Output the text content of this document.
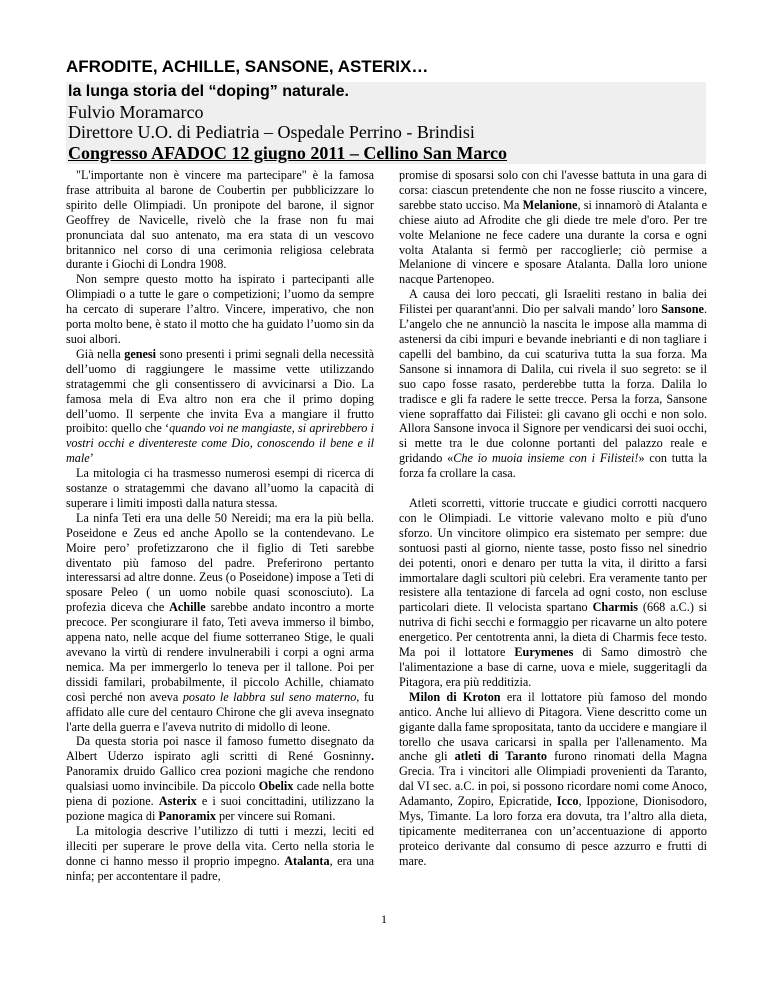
AFRODITE, ACHILLE, SANSONE, ASTERIX…
la lunga storia del “doping” naturale.
Fulvio Moramarco
Direttore U.O. di Pediatria – Ospedale Perrino - Brindisi
Congresso AFADOC 12 giugno 2011 – Cellino San Marco

"L'importante non è vincere ma partecipare" è la famosa frase attribuita al barone de Coubertin per pubblicizzare lo spirito delle Olimpiadi. Un pronipote del barone, il signor Geoffrey de Navicelle, rivelò che la frase non fu mai pronunciata dal suo antenato, ma era stata di un vescovo britannico nel corso di una cerimonia religiosa celebrata durante i Giochi di Londra 1908.

Non sempre questo motto ha ispirato i partecipanti alle Olimpiadi o a tutte le gare o competizioni; l’uomo da sempre ha cercato di superare l’altro. Vincere, imperativo, che non porta molto bene, è stato il motto che ha guidato l’uomo sin da suoi albori.

Già nella genesi sono presenti i primi segnali della necessità dell’uomo di raggiungere le massime vette utilizzando stratagemmi che gli consentissero di avvicinarsi a Dio. La famosa mela di Eva altro non era che il primo doping dell’uomo. Il serpente che invita Eva a mangiare il frutto proibito: quello che ‘quando voi ne mangiaste, si aprirebbero i vostri occhi e diventereste come Dio, conoscendo il bene e il male’

La mitologia ci ha trasmesso numerosi esempi di ricerca di sostanze o stratagemmi che davano all’uomo la capacità di superare i limiti imposti dalla natura stessa.

La ninfa Teti era una delle 50 Nereidi; ma era la più bella. Poseidone e Zeus ed anche Apollo se la contendevano. Le Moire pero’ profetizzarono che il figlio di Teti sarebbe diventato più famoso del padre. Preferirono pertanto interessarsi ad altre donne. Zeus (o Poseidone) impose a Teti di sposare Peleo ( un uomo nobile quasi sconosciuto). La profezia diceva che Achille sarebbe andato incontro a morte precoce. Per scongiurare il fato, Teti aveva immerso il bimbo, appena nato, nelle acque del fiume sotterraneo Stige, le quali avevano la virtù di rendere invulnerabili i corpi a ogni arma nemica. Ma per immergerlo lo teneva per il tallone. Poi per dissidi familari, probabilmente, il piccolo Achille, chiamato così perché non aveva posato le labbra sul seno materno, fu affidato alle cure del centauro Chirone che gli aveva insegnato l'arte della guerra e l'aveva nutrito di midollo di leone.

Da questa storia poi nasce il famoso fumetto disegnato da Albert Uderzo ispirato agli scritti di René Gosninny. Panoramix druido Gallico crea pozioni magiche che rendono qualsiasi uomo invincibile. Da piccolo Obelix cade nella botte piena di pozione. Asterix e i suoi concittadini, utilizzano la pozione magica di Panoramix per vincere sui Romani.

La mitologia descrive l’utilizzo di tutti i mezzi, leciti ed illeciti per superare le prove della vita. Certo nella storia le donne ci hanno messo il proprio impegno. Atalanta, era una ninfa; per accontentare il padre,

promise di sposarsi solo con chi l'avesse battuta in una gara di corsa: ciascun pretendente che non ne fosse riuscito a vincere, sarebbe stato ucciso. Ma Melanione, si innamorò di Atalanta e chiese aiuto ad Afrodite che gli diede tre mele d'oro. Per tre volte Melanione ne fece cadere una durante la corsa e ogni volta Atalanta si fermò per raccoglierle; ciò permise a Melanione di vincere e sposare Atalanta. Dalla loro unione nacque Partenopeo.

A causa dei loro peccati, gli Israeliti restano in balia dei Filistei per quarant'anni. Dio per salvali mando’ loro Sansone. L’angelo che ne annunciò la nascita le impose alla mamma di astenersi da cibi impuri e bevande inebrianti e di non tagliare i capelli del bambino, da cui scaturiva tutta la sua forza. Ma Sansone si innamora di Dalila, cui rivela il suo segreto: se il suo capo fosse rasato, perderebbe tutta la forza. Dalila lo tradisce e gli fa radere le sette trecce. Persa la forza, Sansone viene sopraffatto dai Filistei: gli cavano gli occhi e non solo. Allora Sansone invoca il Signore per vendicarsi dei suoi occhi, si mette tra le due colonne portanti del palazzo reale e gridando «Che io muoia insieme con i Filistei!» con tutta la forza fa crollare la casa.

Atleti scorretti, vittorie truccate e giudici corrotti nacquero con le Olimpiadi. Le vittorie valevano molto e più d'uno sforzo. Un vincitore olimpico era sistemato per sempre: due sontuosi pasti al giorno, niente tasse, posto fisso nel sinedrio dei potenti, onori e denaro per tutta la vita, il diritto a farsi immortalare dagli scultori più celebri. Era veramente tanto per resistere alla tentazione di farcela ad ogni costo, non escluse particolari diete. Il velocista spartano Charmis (668 a.C.) si nutriva di fichi secchi e formaggio per ricavarne un alto potere energetico. Per centotrenta anni, la dieta di Charmis fece testo. Ma poi il lottatore Eurymenes di Samo dimostrò che l'alimentazione a base di carne, uova e miele, suggeritagli da Pitagora, era più redditizia.

Milon di Kroton era il lottatore più famoso del mondo antico. Anche lui allievo di Pitagora. Viene descritto come un gigante dalla fame spropositata, tanto da uccidere e mangiare il torello che usava caricarsi in spalla per l'allenamento. Ma anche gli atleti di Taranto furono rinomati della Magna Grecia. Tra i vincitori alle Olimpiadi provenienti da Taranto, dal VI sec. a.C. in poi, si possono ricordare nomi come Anoco, Adamanto, Zopiro, Epicratide, Icco, Ippozione, Dionisodoro, Mys, Timante. La loro forza era dovuta, tra l’altro alla dieta, tipicamente mediterranea con un’accentuazione di apporto proteico derivante dal consumo di pesce azzurro e frutti di mare.

1
